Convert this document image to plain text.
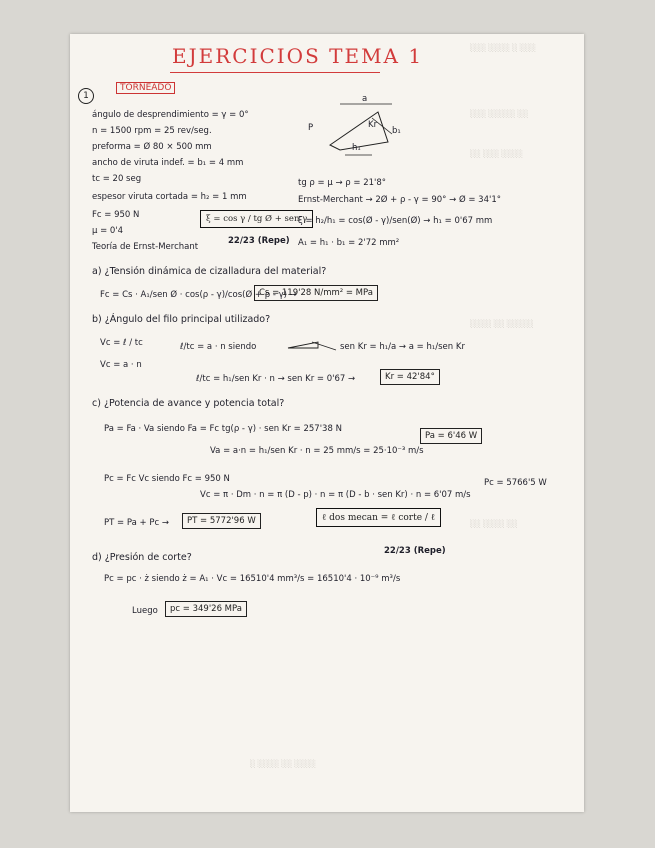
░░░ ░░░░ ░ ░░░
░░░ ░░░░░ ░░
░░ ░░░ ░░░░
░░░░ ░░ ░░░░░
░░ ░░░░ ░░
░ ░░░░ ░░ ░░░░
EJERCICIOS TEMA 1
1
TORNEADO
ángulo de desprendimiento = γ = 0°
n = 1500 rpm = 25 rev/seg.
preforma = Ø 80 × 500 mm
ancho de viruta indef. = b₁ = 4 mm
tc = 20 seg
espesor viruta cortada = h₂ = 1 mm
Fc = 950 N
μ = 0'4
Teoría de Ernst-Merchant
ξ = cos γ / tg Ø + sen γ
22/23 (Repe)
a
Kr
b₁
h₁
P
tg ρ = μ → ρ = 21'8°
Ernst-Merchant → 2Ø + ρ - γ = 90° → Ø = 34'1°
ξ = h₂/h₁ = cos(Ø - γ)/sen(Ø) → h₁ = 0'67 mm
A₁ = h₁ · b₁ = 2'72 mm²
a) ¿Tensión dinámica de cizalladura del material?
Fc = Cs · A₁/sen Ø · cos(ρ - γ)/cos(Ø + ρ - γ) →
Cs = 119'28 N/mm² = MPa
b) ¿Ángulo del filo principal utilizado?
Vc = ℓ / tc
Vc = a · n
ℓ/tc = a · n siendo	sen Kr = h₁/a → a = h₁/sen Kr
ℓ/tc = h₁/sen Kr · n → sen Kr = 0'67 →	Kr = 42'84°
c) ¿Potencia de avance y potencia total?
Pa = Fa · Va siendo Fa = Fc tg(ρ - γ) · sen Kr = 257'38 N
Va = a·n = h₁/sen Kr · n = 25 mm/s = 25·10⁻³ m/s
Pa = 6'46 W
Pc = Fc Vc siendo Fc = 950 N
Vc = π · Dm · n = π (D - p) · n = π (D - b · sen Kr) · n = 6'07 m/s
Pc = 5766'5 W
PT = Pa + Pc →	PT = 5772'96 W	ℓ dos mecan = ℓ corte / ℓ
22/23 (Repe)
d) ¿Presión de corte?
Pc = pc · ż siendo ż = A₁ · Vc = 16510'4 mm³/s = 16510'4 · 10⁻⁹ m³/s
Luego	pc = 349'26 MPa
